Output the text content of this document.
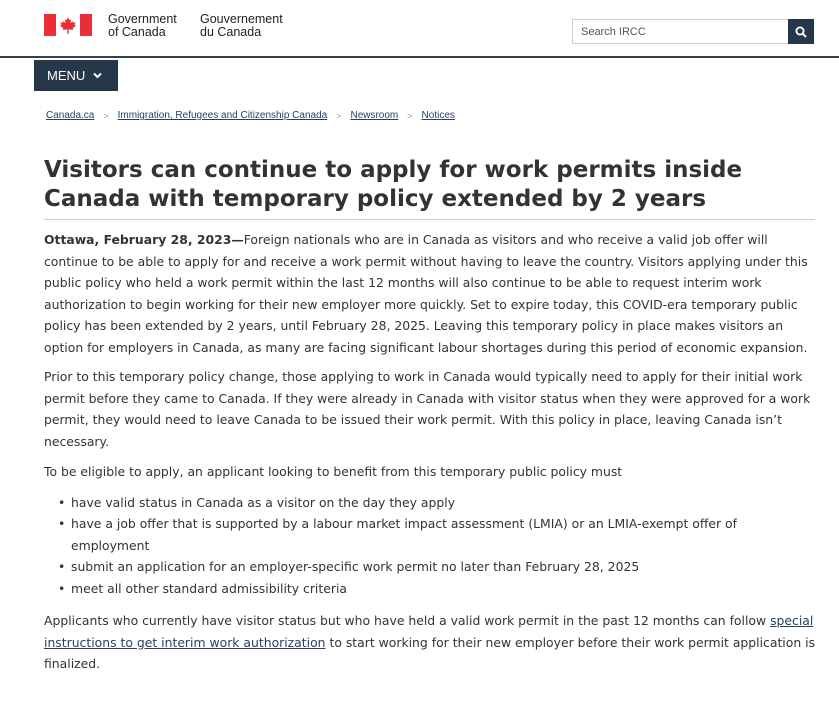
Government
of Canada
Gouvernement
du Canada	Search IRCC
MENU
Canada.ca > Immigration, Refugees and Citizenship Canada > Newsroom > Notices
Visitors can continue to apply for work permits inside Canada with temporary policy extended by 2 years

Ottawa, February 28, 2023—Foreign nationals who are in Canada as visitors and who receive a valid job offer will continue to be able to apply for and receive a work permit without having to leave the country. Visitors applying under this public policy who held a work permit within the last 12 months will also continue to be able to request interim work authorization to begin working for their new employer more quickly. Set to expire today, this COVID-era temporary public policy has been extended by 2 years, until February 28, 2025. Leaving this temporary policy in place makes visitors an option for employers in Canada, as many are facing significant labour shortages during this period of economic expansion.

Prior to this temporary policy change, those applying to work in Canada would typically need to apply for their initial work permit before they came to Canada. If they were already in Canada with visitor status when they were approved for a work permit, they would need to leave Canada to be issued their work permit. With this policy in place, leaving Canada isn’t necessary.

To be eligible to apply, an applicant looking to benefit from this temporary public policy must

• have valid status in Canada as a visitor on the day they apply
• have a job offer that is supported by a labour market impact assessment (LMIA) or an LMIA-exempt offer of employment
• submit an application for an employer-specific work permit no later than February 28, 2025
• meet all other standard admissibility criteria

Applicants who currently have visitor status but who have held a valid work permit in the past 12 months can follow special instructions to get interim work authorization to start working for their new employer before their work permit application is finalized.
